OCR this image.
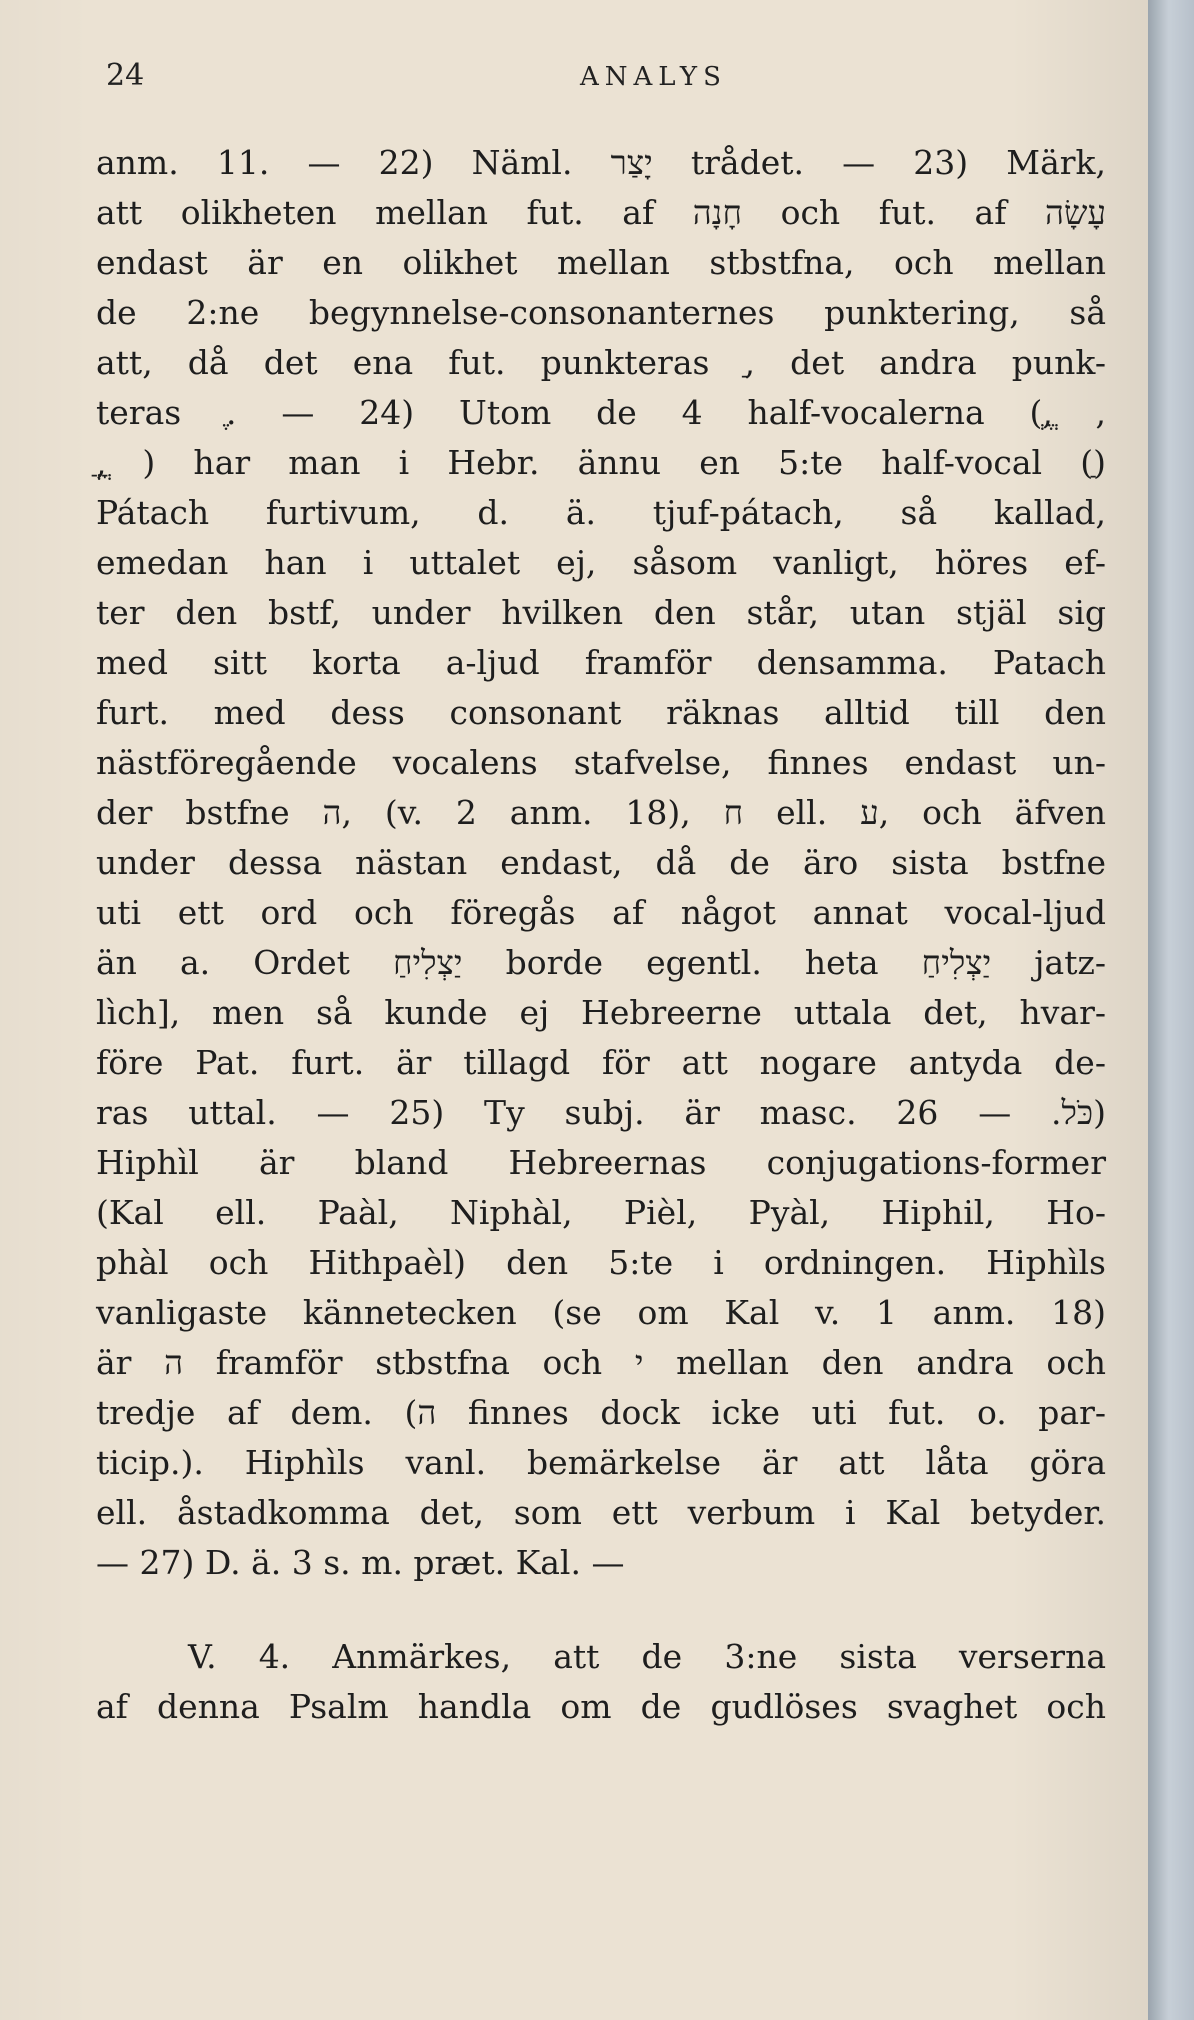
24	ANALYS
anm. 11. — 22) Näml. יָצַר trådet. — 23) Märk,
att olikheten mellan fut. af חָנָה och fut. af עָשָׂה
endast är en olikhet mellan stbstfna, och mellan
de 2:ne begynnelse-consonanternes punktering, så
att, då det ena fut. punkteras ַ, det andra punk-
teras ֶ. — 24) Utom de 4 half-vocalerna (ְ, ֱ,
ֲ, ֳ) har man i Hebr. ännu en 5:te half-vocal (ַ)
Pátach furtivum, d. ä. tjuf-pátach, så kallad,
emedan han i uttalet ej, såsom vanligt, höres ef-
ter den bstf, under hvilken den står, utan stjäl sig
med sitt korta a-ljud framför densamma. Patach
furt. med dess consonant räknas alltid till den
nästföregående vocalens stafvelse, finnes endast un-
der bstfne ה, (v. 2 anm. 18), ח ell. ע, och äfven
under dessa nästan endast, då de äro sista bstfne
uti ett ord och föregås af något annat vocal-ljud
än a. Ordet יַצְלִיחַ borde egentl. heta יַצְלִיחַ jatz-
lìch], men så kunde ej Hebreerne uttala det, hvar-
före Pat. furt. är tillagd för att nogare antyda de-
ras uttal. — 25) Ty subj. är masc. כֹּל. — 26)
Hiphìl är bland Hebreernas conjugations-former
(Kal ell. Paàl, Niphàl, Pièl, Pyàl, Hiphil, Ho-
phàl och Hithpaèl) den 5:te i ordningen. Hiphìls
vanligaste kännetecken (se om Kal v. 1 anm. 18)
är ה framför stbstfna och י mellan den andra och
tredje af dem. (ה finnes dock icke uti fut. o. par-
ticip.). Hiphìls vanl. bemärkelse är att låta göra
ell. åstadkomma det, som ett verbum i Kal betyder.
— 27) D. ä. 3 s. m. præt. Kal. —
V. 4. Anmärkes, att de 3:ne sista verserna
af denna Psalm handla om de gudlöses svaghet och
